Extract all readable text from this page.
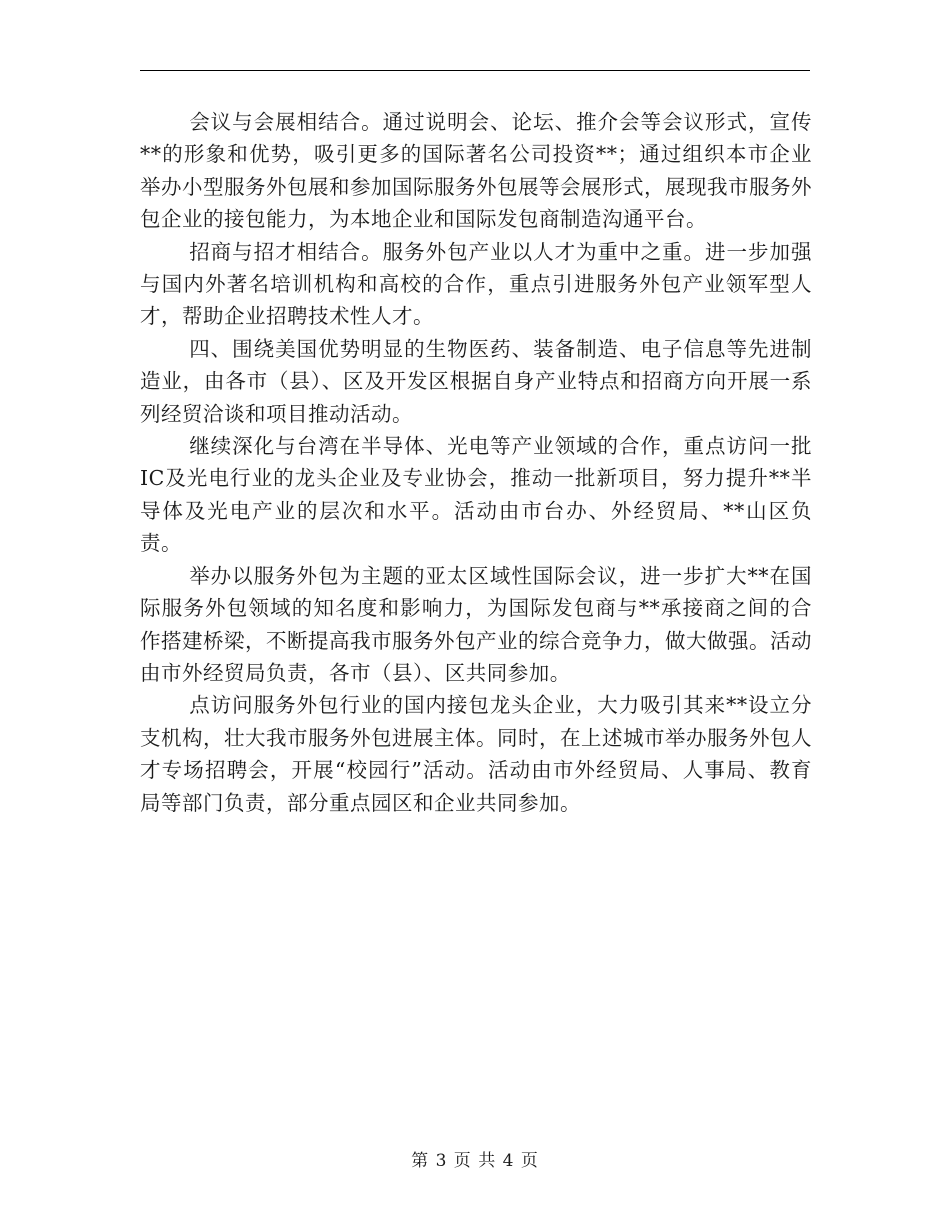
会议与会展相结合。通过说明会、论坛、推介会等会议形式，宣传**的形象和优势，吸引更多的国际著名公司投资**；通过组织本市企业举办小型服务外包展和参加国际服务外包展等会展形式，展现我市服务外包企业的接包能力，为本地企业和国际发包商制造沟通平台。

招商与招才相结合。服务外包产业以人才为重中之重。进一步加强与国内外著名培训机构和高校的合作，重点引进服务外包产业领军型人才，帮助企业招聘技术性人才。

四、围绕美国优势明显的生物医药、装备制造、电子信息等先进制造业，由各市（县）、区及开发区根据自身产业特点和招商方向开展一系列经贸洽谈和项目推动活动。

继续深化与台湾在半导体、光电等产业领域的合作，重点访问一批IC及光电行业的龙头企业及专业协会，推动一批新项目，努力提升**半导体及光电产业的层次和水平。活动由市台办、外经贸局、**山区负责。

举办以服务外包为主题的亚太区域性国际会议，进一步扩大**在国际服务外包领域的知名度和影响力，为国际发包商与**承接商之间的合作搭建桥梁，不断提高我市服务外包产业的综合竞争力，做大做强。活动由市外经贸局负责，各市（县）、区共同参加。

点访问服务外包行业的国内接包龙头企业，大力吸引其来**设立分支机构，壮大我市服务外包进展主体。同时，在上述城市举办服务外包人才专场招聘会，开展“校园行”活动。活动由市外经贸局、人事局、教育局等部门负责，部分重点园区和企业共同参加。

第 3 页 共 4 页
